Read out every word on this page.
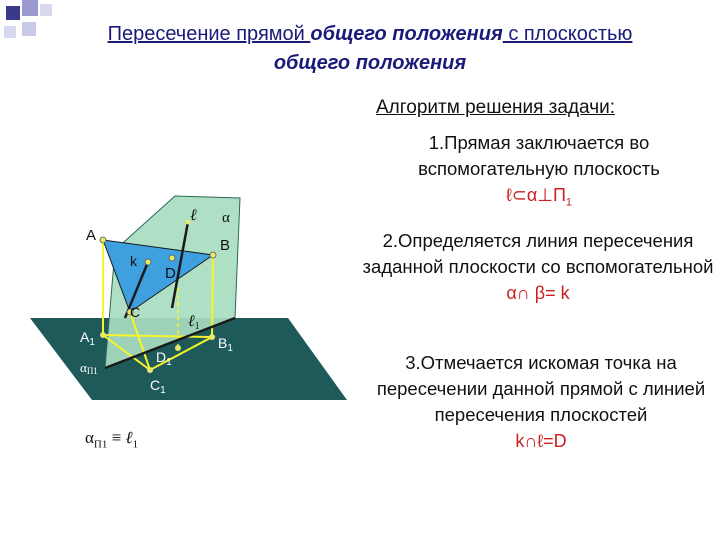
Пересечение прямой общего положения с плоскостью
общего положения
Алгоритм решения задачи:
1.Прямая заключается во вспомогательную плоскость
$\ell\subset\alpha\perp П_1$
2.Определяется линия пересечения заданной плоскости со вспомогательной
α∩ β= k
3.Отмечается искомая точка на пересечении данной прямой с линией пересечения плоскостей
k∩ℓ=D
A
B
C
D
k
ℓ α
$A_1$	$B_1$
$C_1$
$D_1$
ℓ1
αП1
$\alpha_{П1}$ ≡ ℓ$_1$
